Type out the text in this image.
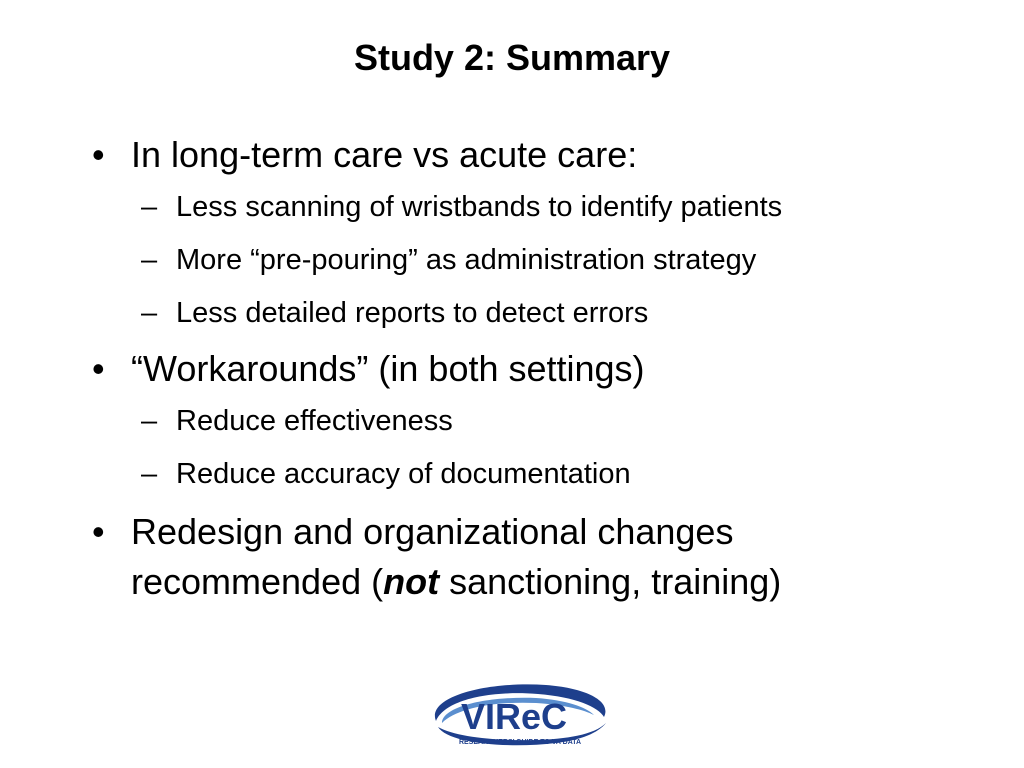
Study 2: Summary
• In long-term care vs acute care:
– Less scanning of wristbands to identify patients
– More “pre-pouring” as administration strategy
– Less detailed reports to detect errors
• “Workarounds” (in both settings)
– Reduce effectiveness
– Reduce accuracy of documentation
• Redesign and organizational changes
recommended (not sanctioning, training)
VIReC
RESEARCHERS’ GUIDE TO VA DATA
